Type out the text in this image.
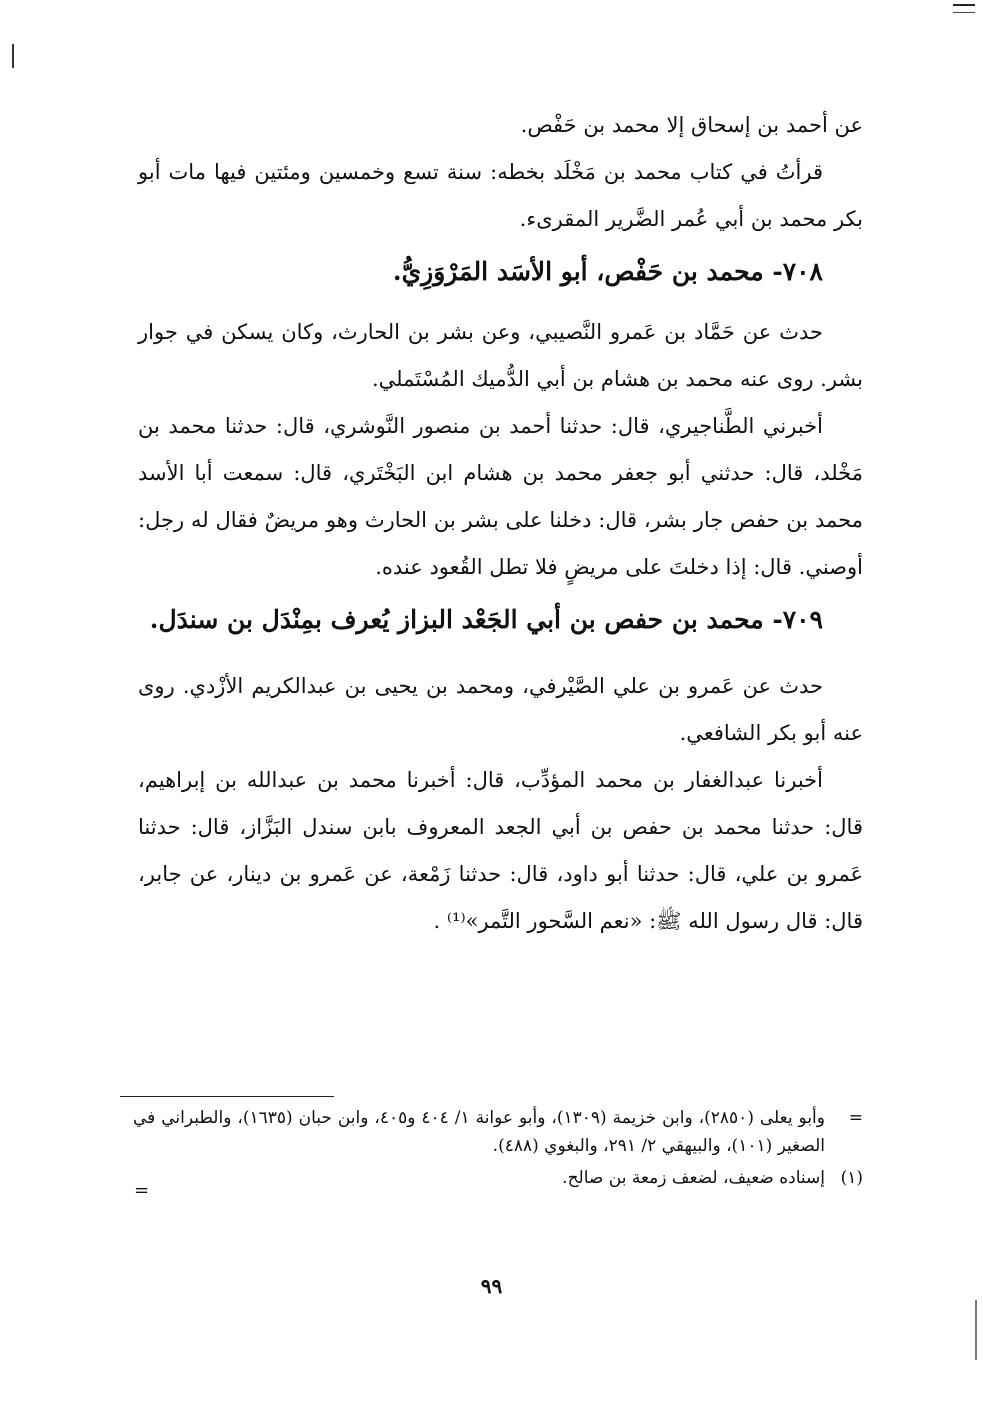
عن أحمد بن إسحاق إلا محمد بن حَفْص.

قرأتُ في كتاب محمد بن مَخْلَد بخطه: سنة تسع وخمسين ومئتين فيها مات أبو بكر محمد بن أبي عُمر الضَّرير المقرىء.

٧٠٨- محمد بن حَفْص، أبو الأسَد المَرْوَزِيُّ.

حدث عن حَمَّاد بن عَمرو النَّصيبي، وعن بشر بن الحارث، وكان يسكن في جوار بشر. روى عنه محمد بن هشام بن أبي الدُّميك المُسْتَملي.

أخبرني الطَّناجيري، قال: حدثنا أحمد بن منصور النَّوشري، قال: حدثنا محمد بن مَخْلد، قال: حدثني أبو جعفر محمد بن هشام ابن البَخْتَري، قال: سمعت أبا الأسد محمد بن حفص جار بشر، قال: دخلنا على بشر بن الحارث وهو مريضٌ فقال له رجل: أوصني. قال: إذا دخلتَ على مريضٍ فلا تطل القُعود عنده.

٧٠٩- محمد بن حفص بن أبي الجَعْد البزاز يُعرف بمِنْدَل بن سندَل.

حدث عن عَمرو بن علي الصَّيْرفي، ومحمد بن يحيى بن عبدالكريم الأزْدي. روى عنه أبو بكر الشافعي.

أخبرنا عبدالغفار بن محمد المؤدِّب، قال: أخبرنا محمد بن عبدالله بن إبراهيم، قال: حدثنا محمد بن حفص بن أبي الجعد المعروف بابن سندل البَزَّاز، قال: حدثنا عَمرو بن علي، قال: حدثنا أبو داود، قال: حدثنا زَمْعة، عن عَمرو بن دينار، عن جابر، قال: قال رسول الله ﷺ: «نعم السَّحور التَّمر»⁽¹⁾ .

=
وأبو يعلى (٢٨٥٠)، وابن خزيمة (١٣٠٩)، وأبو عوانة ١/ ٤٠٤ و٤٠٥، وابن حبان (١٦٣٥)، والطبراني في الصغير (١٠١)، والبيهقي ٢/ ٢٩١، والبغوي (٤٨٨).
(١)
إسناده ضعيف، لضعف زمعة بن صالح.
=
٩٩
